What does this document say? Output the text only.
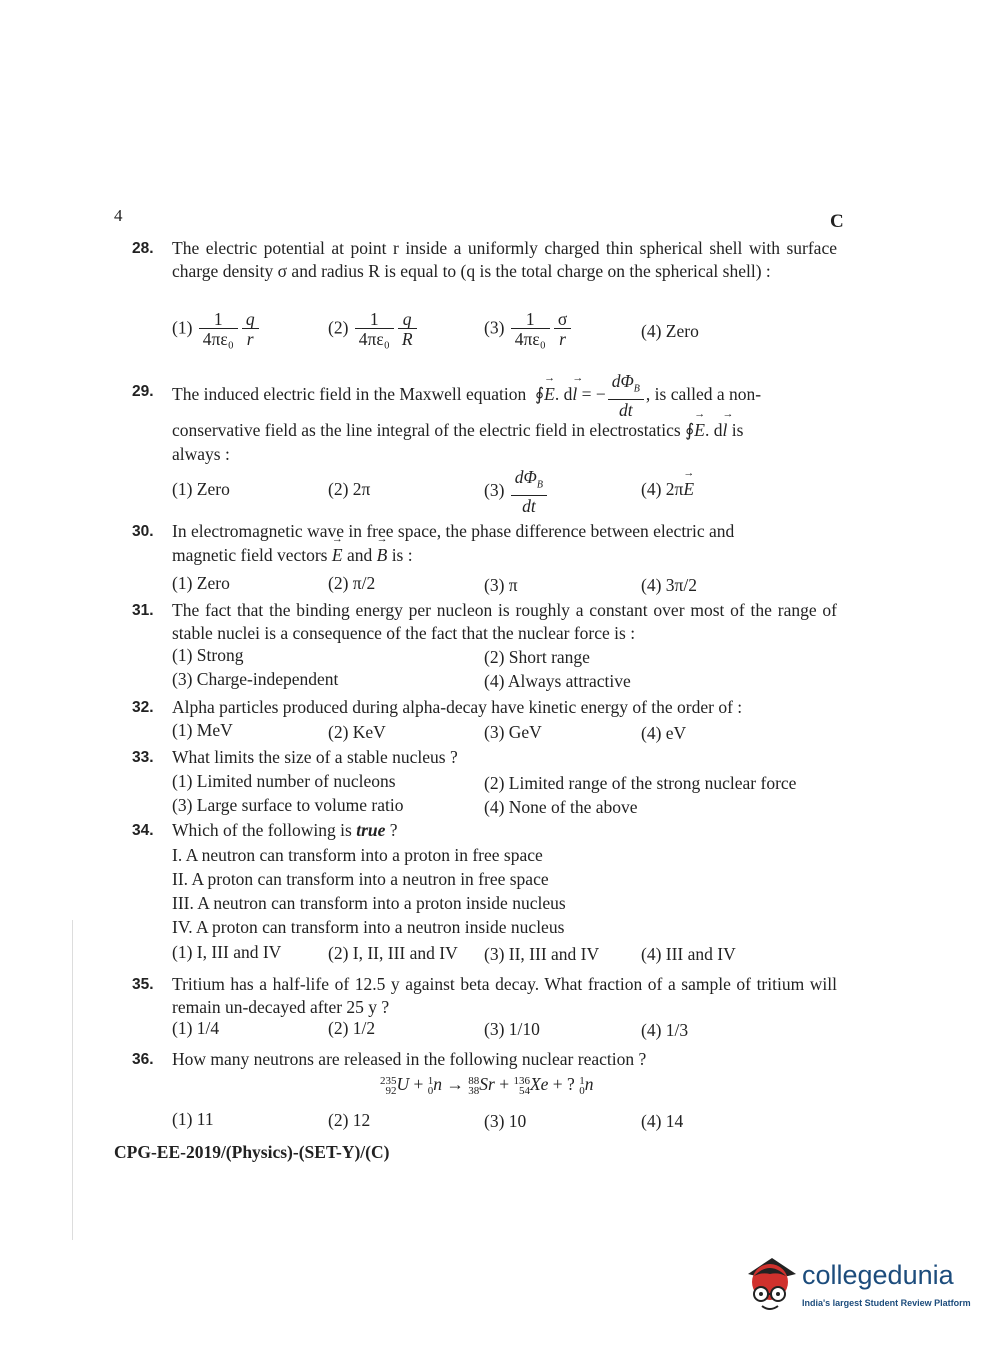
4	C
28. The electric potential at point r inside a uniformly charged thin spherical shell with surface charge density σ and radius R is equal to (q is the total charge on the spherical shell) :
$(1) \frac{1}{\text{4πε₀}} \frac{q}{r}$	$(2) \frac{1}{\text{4πε₀}} \frac{q}{R}$	$(3) \frac{1}{\text{4πε₀}} \frac{\sigma}{r}$	(4) Zero
29. The induced electric field in the Maxwell equation  ∮→ E. d→ l = − $\frac{d\Phi_B}{dt}$ , is called a non-
conservative field as the line integral of the electric field in electrostatics ∮→ E. d→ l is
always :
(1) Zero	(2) 2π	$(3) \frac{d\Phi_B}{dt}$	(4) 2π→ E
30. In electromagnetic wave in free space, the phase difference between electric and
magnetic field vectors → E and → B is :
(1) Zero	(2) π/2	(3) π	(4) 3π/2
31. The fact that the binding energy per nucleon is roughly a constant over most of the range of stable nuclei is a consequence of the fact that the nuclear force is :
(1) Strong	(2) Short range
(3) Charge-independent	(4) Always attractive
32. Alpha particles produced during alpha-decay have kinetic energy of the order of :
(1) MeV	(2) KeV	(3) GeV	(4) eV
33. What limits the size of a stable nucleus ?
(1) Limited number of nucleons	(2) Limited range of the strong nuclear force
(3) Large surface to volume ratio	(4) None of the above
34. Which of the following is true ?
I. A neutron can transform into a proton in free space
II. A proton can transform into a neutron in free space
III. A neutron can transform into a proton inside nucleus
IV. A proton can transform into a neutron inside nucleus
(1) I, III and IV	(2) I, II, III and IV (3) II, III and IV (4) III and IV
35. Tritium has a half-life of 12.5 y against beta decay. What fraction of a sample of tritium will remain un-decayed after 25 y ?
(1) 1/4	(2) 1/2	(3) 1/10	(4) 1/3
36. How many neutrons are released in the following nuclear reaction ?
235
92U + 1
0n → 88
38Sr + 136
54Xe + ? 1
0n
(1) 11	(2) 12	(3) 10	(4) 14
CPG-EE-2019/(Physics)-(SET-Y)/(C)
collegedunia
India's largest Student Review Platform
